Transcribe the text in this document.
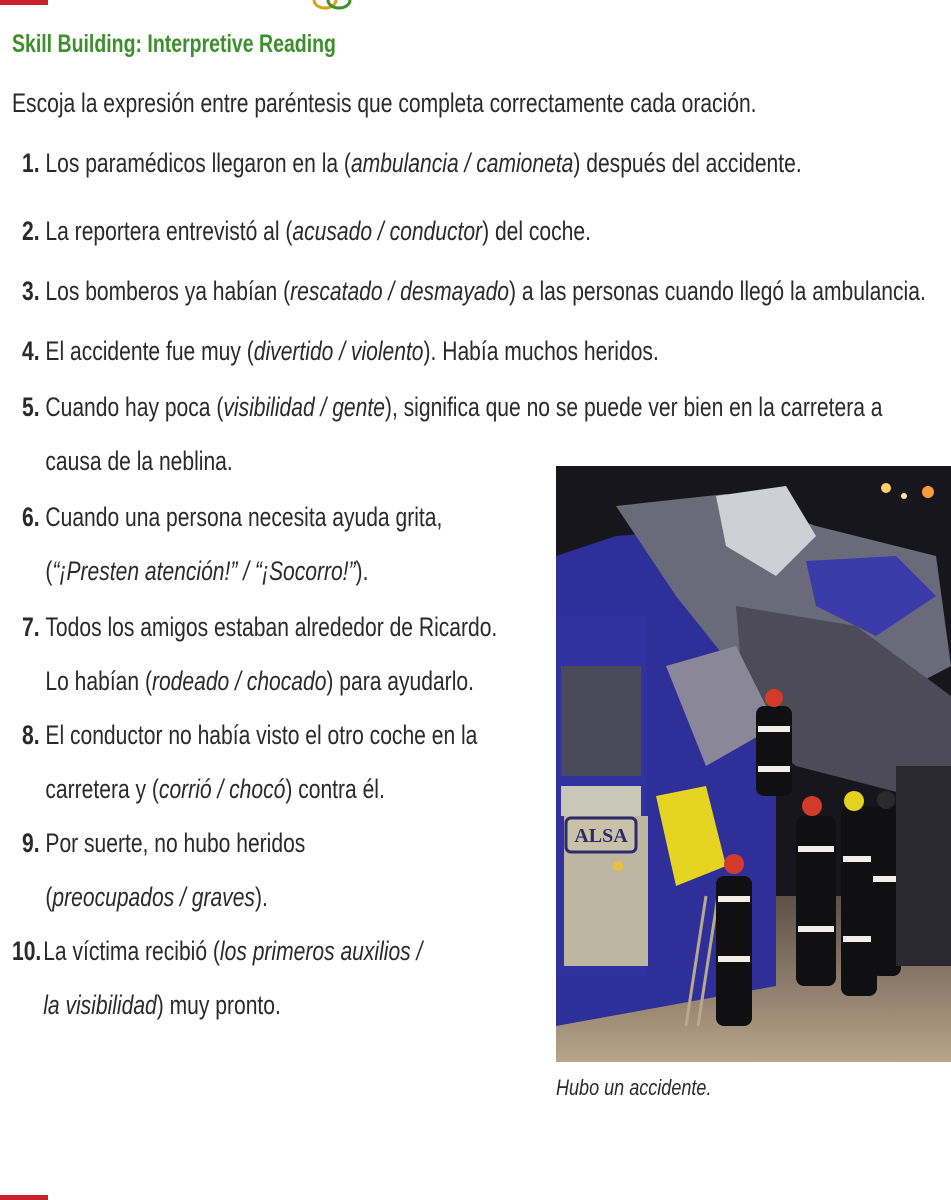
Skill Building: Interpretive Reading
Escoja la expresión entre paréntesis que completa correctamente cada oración.
1. Los paramédicos llegaron en la (ambulancia / camioneta) después del accidente.
2. La reportera entrevistó al (acusado / conductor) del coche.
3. Los bomberos ya habían (rescatado / desmayado) a las personas cuando llegó la ambulancia.
4. El accidente fue muy (divertido / violento). Había muchos heridos.
5. Cuando hay poca (visibilidad / gente), significa que no se puede ver bien en la carretera a
causa de la neblina.
6. Cuando una persona necesita ayuda grita,
(“¡Presten atención!” / “¡Socorro!”).
7. Todos los amigos estaban alrededor de Ricardo.
Lo habían (rodeado / chocado) para ayudarlo.
8. El conductor no había visto el otro coche en la
carretera y (corrió / chocó) contra él.
9. Por suerte, no hubo heridos
(preocupados / graves).
10.La víctima recibió (los primeros auxilios /
la visibilidad) muy pronto.
ALSA
Hubo un accidente.
